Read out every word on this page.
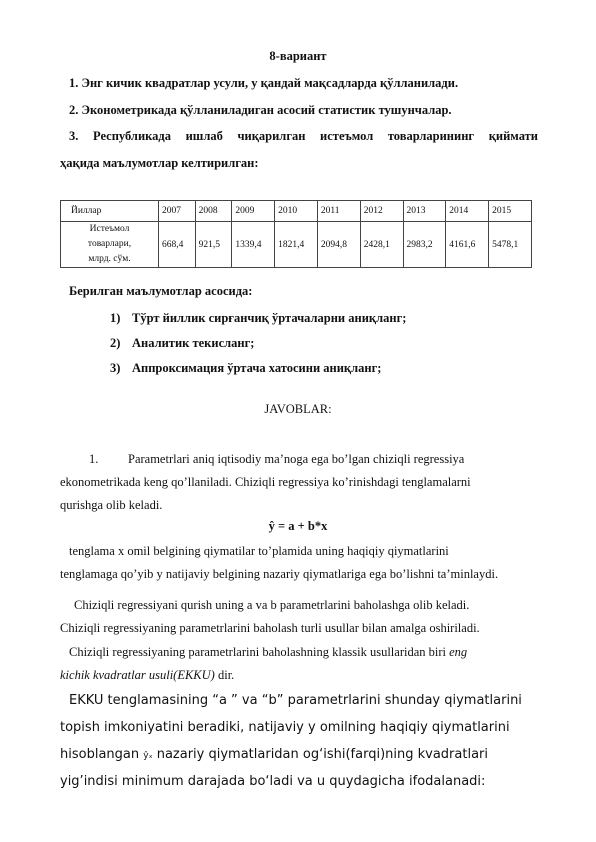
8-вариант
1. Энг кичик квадратлар усули, у қандай мақсадларда қўлланилади.
2. Эконометрикада қўлланиладиган асосий статистик тушунчалар.
3. Республикада ишлаб чиқарилган истеъмол товарларининг қиймати
ҳақида маълумотлар келтирилган:
Йиллар	2007	2008	2009	2010	2011	2012	2013	2014	2015

Истеъмол
товарлари,
млрд. сўм.	668,4	921,5	1339,4	1821,4	2094,8	2428,1	2983,2	4161,6	5478,1
Берилган маълумотлар асосида:
1) Тўрт йиллик сирғанчиқ ўртачаларни аниқланг;
2) Аналитик текисланг;
3) Аппроксимация ўртача хатосини аниқланг;
JAVOBLAR:
1. Parametrlari aniq iqtisodiy ma’noga ega bo’lgan chiziqli regressiya
ekonometrikada keng qo’llaniladi. Chiziqli regressiya ko’rinishdagi tenglamalarni
qurishga olib keladi.
ŷ = a + b*x
tenglama x omil belgining qiymatilar to’plamida uning haqiqiy qiymatlarini
tenglamaga qo’yib y natijaviy belgining nazariy qiymatlariga ega bo’lishni ta’minlaydi.
Chiziqli regressiyani qurish uning a va b parametrlarini baholashga olib keladi.
Chiziqli regressiyaning parametrlarini baholash turli usullar bilan amalga oshiriladi.
Chiziqli regressiyaning parametrlarini baholashning klassik usullaridan biri eng
kichik kvadratlar usuli(EKKU) dir.
EKKU tenglamasining “a ” va “b” parametrlarini shunday qiymatlarini
topish imkoniyatini beradiki, natijaviy y omilning haqiqiy qiymatlarini
hisoblangan ŷₓ nazariy qiymatlaridan og‘ishi(farqi)ning kvadratlari
yig’indisi minimum darajada bo‘ladi va u quydagicha ifodalanadi:
